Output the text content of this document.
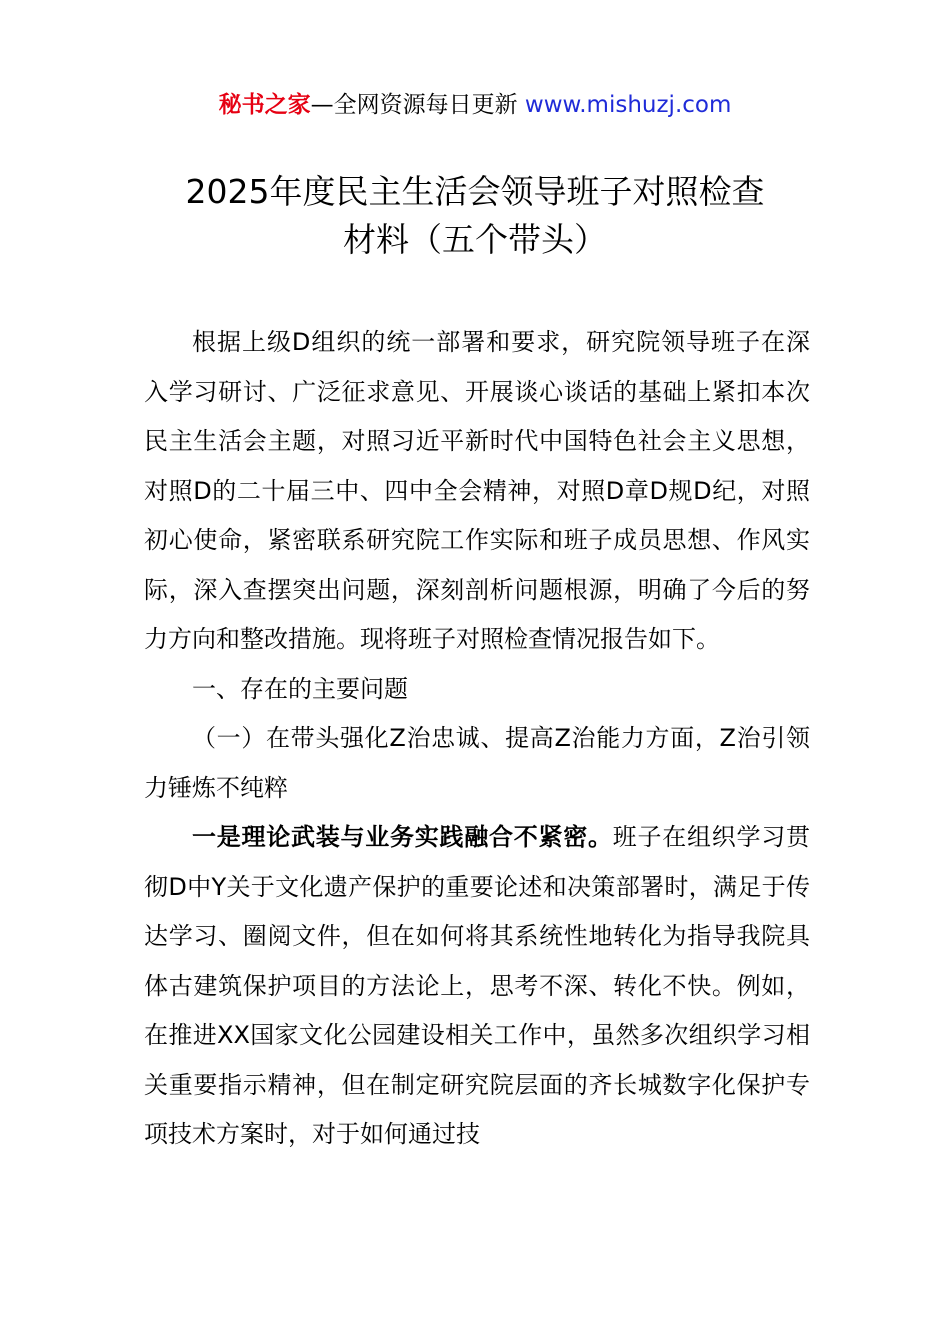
秘书之家—全网资源每日更新 www.mishuzj.com
2025年度民主生活会领导班子对照检查
材料（五个带头）

根据上级D组织的统一部署和要求，研究院领导班子在深入学习研讨、广泛征求意见、开展谈心谈话的基础上紧扣本次民主生活会主题，对照习近平新时代中国特色社会主义思想，对照D的二十届三中、四中全会精神，对照D章D规D纪，对照初心使命，紧密联系研究院工作实际和班子成员思想、作风实际，深入查摆突出问题，深刻剖析问题根源，明确了今后的努力方向和整改措施。现将班子对照检查情况报告如下。

一、存在的主要问题

（一）在带头强化Z治忠诚、提高Z治能力方面，Z治引领力锤炼不纯粹

一是理论武装与业务实践融合不紧密。班子在组织学习贯彻D中Y关于文化遗产保护的重要论述和决策部署时，满足于传达学习、圈阅文件，但在如何将其系统性地转化为指导我院具体古建筑保护项目的方法论上，思考不深、转化不快。例如，在推进XX国家文化公园建设相关工作中，虽然多次组织学习相关重要指示精神，但在制定研究院层面的齐长城数字化保护专项技术方案时，对于如何通过技
